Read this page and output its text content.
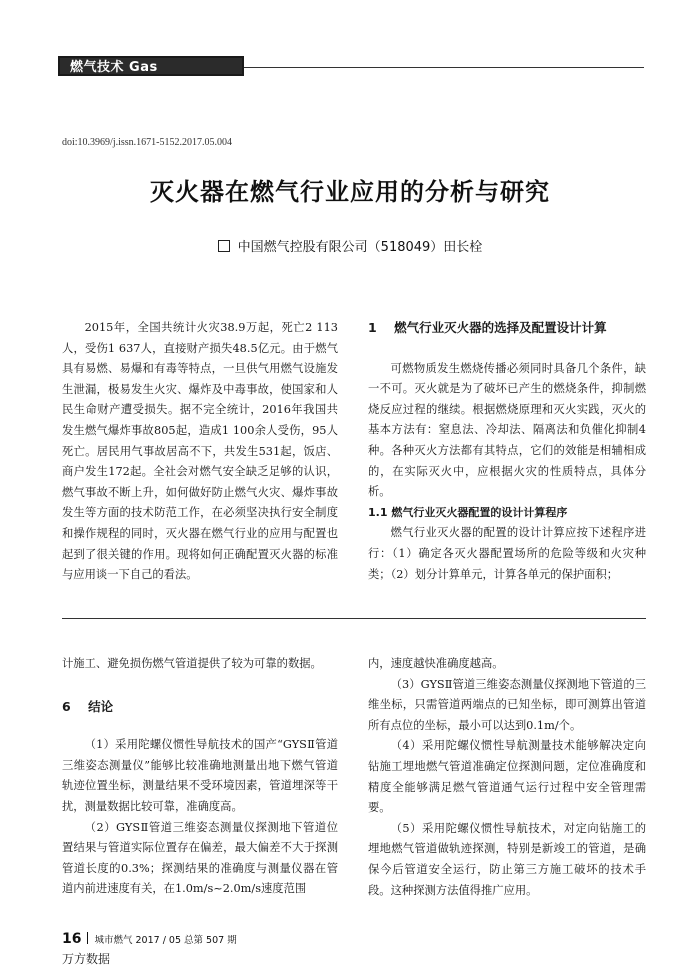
燃气技术 Gas Technology
doi:10.3969/j.issn.1671-5152.2017.05.004
灭火器在燃气行业应用的分析与研究
中国燃气控股有限公司（518049）田长栓

2015年，全国共统计火灾38.9万起，死亡2 113人，受伤1 637人，直接财产损失48.5亿元。由于燃气具有易燃、易爆和有毒等特点，一旦供气用燃气设施发生泄漏，极易发生火灾、爆炸及中毒事故，使国家和人民生命财产遭受损失。据不完全统计，2016年我国共发生燃气爆炸事故805起，造成1 100余人受伤，95人死亡。居民用气事故居高不下，共发生531起，饭店、商户发生172起。全社会对燃气安全缺乏足够的认识，燃气事故不断上升，如何做好防止燃气火灾、爆炸事故发生等方面的技术防范工作，在必须坚决执行安全制度和操作规程的同时，灭火器在燃气行业的应用与配置也起到了很关键的作用。现将如何正确配置灭火器的标准与应用谈一下自己的看法。

1 燃气行业灭火器的选择及配置设计计算

可燃物质发生燃烧传播必须同时具备几个条件，缺一不可。灭火就是为了破坏已产生的燃烧条件，抑制燃烧反应过程的继续。根据燃烧原理和灭火实践，灭火的基本方法有：窒息法、冷却法、隔离法和负催化抑制4种。各种灭火方法都有其特点，它们的效能是相辅相成的，在实际灭火中，应根据火灾的性质特点，具体分析。

1.1 燃气行业灭火器配置的设计计算程序

燃气行业灭火器的配置的设计计算应按下述程序进行：（1）确定各灭火器配置场所的危险等级和火灾种类；（2）划分计算单元，计算各单元的保护面积；

计施工、避免损伤燃气管道提供了较为可靠的数据。

6 结论

（1）采用陀螺仪惯性导航技术的国产“GYSⅡ管道三维姿态测量仪”能够比较准确地测量出地下燃气管道轨迹位置坐标，测量结果不受环境因素，管道埋深等干扰，测量数据比较可靠，准确度高。

（2）GYSⅡ管道三维姿态测量仪探测地下管道位置结果与管道实际位置存在偏差，最大偏差不大于探测管道长度的0.3%；探测结果的准确度与测量仪器在管道内前进速度有关，在1.0m/s~2.0m/s速度范围

内，速度越快准确度越高。

（3）GYSⅡ管道三维姿态测量仪探测地下管道的三维坐标，只需管道两端点的已知坐标，即可测算出管道所有点位的坐标，最小可以达到0.1m/个。

（4）采用陀螺仪惯性导航测量技术能够解决定向钻施工埋地燃气管道准确定位探测问题，定位准确度和精度全能够满足燃气管道通气运行过程中安全管理需要。

（5）采用陀螺仪惯性导航技术，对定向钻施工的埋地燃气管道做轨迹探测，特别是新竣工的管道，是确保今后管道安全运行，防止第三方施工破坏的技术手段。这种探测方法值得推广应用。

16 城市燃气 2017 / 05 总第 507 期
万方数据
